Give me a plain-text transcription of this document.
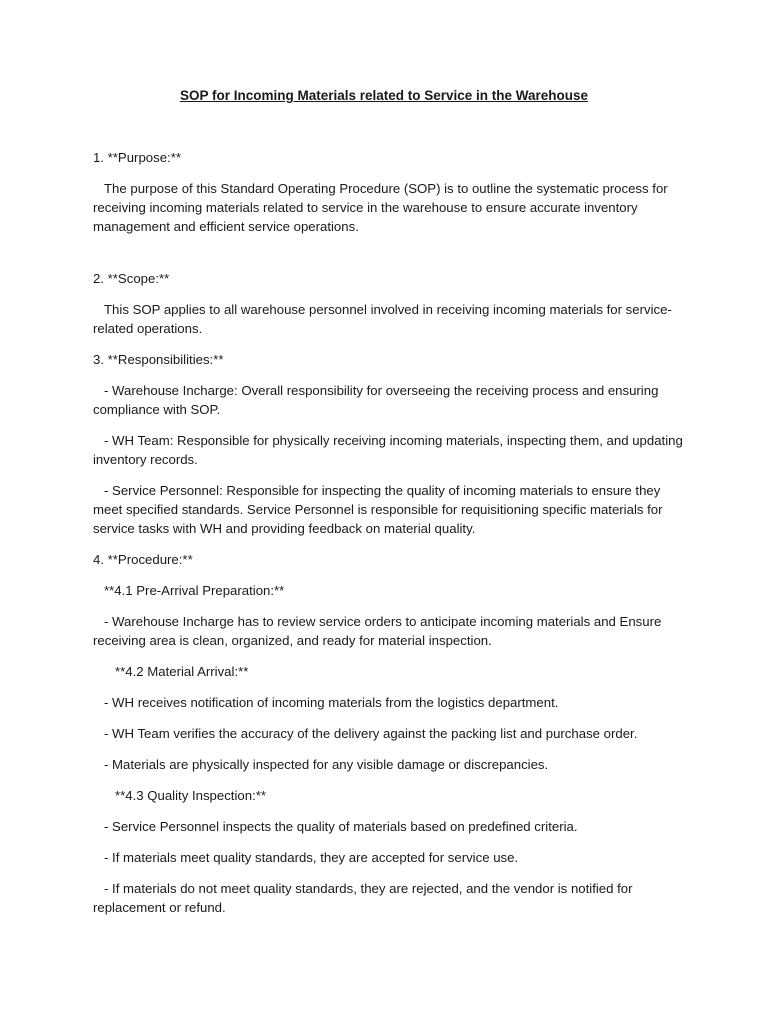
SOP for Incoming Materials related to Service in the Warehouse

1. **Purpose:**

The purpose of this Standard Operating Procedure (SOP) is to outline the systematic process for receiving incoming materials related to service in the warehouse to ensure accurate inventory management and efficient service operations.

2. **Scope:**

This SOP applies to all warehouse personnel involved in receiving incoming materials for service-related operations.

3. **Responsibilities:**

- Warehouse Incharge: Overall responsibility for overseeing the receiving process and ensuring compliance with SOP.

- WH Team: Responsible for physically receiving incoming materials, inspecting them, and updating inventory records.

- Service Personnel: Responsible for inspecting the quality of incoming materials to ensure they meet specified standards. Service Personnel is responsible for requisitioning specific materials for service tasks with WH and providing feedback on material quality.

4. **Procedure:**

**4.1 Pre-Arrival Preparation:**

- Warehouse Incharge has to review service orders to anticipate incoming materials and Ensure receiving area is clean, organized, and ready for material inspection.

**4.2 Material Arrival:**

- WH receives notification of incoming materials from the logistics department.

- WH Team verifies the accuracy of the delivery against the packing list and purchase order.

- Materials are physically inspected for any visible damage or discrepancies.

**4.3 Quality Inspection:**

- Service Personnel inspects the quality of materials based on predefined criteria.

- If materials meet quality standards, they are accepted for service use.

- If materials do not meet quality standards, they are rejected, and the vendor is notified for replacement or refund.
